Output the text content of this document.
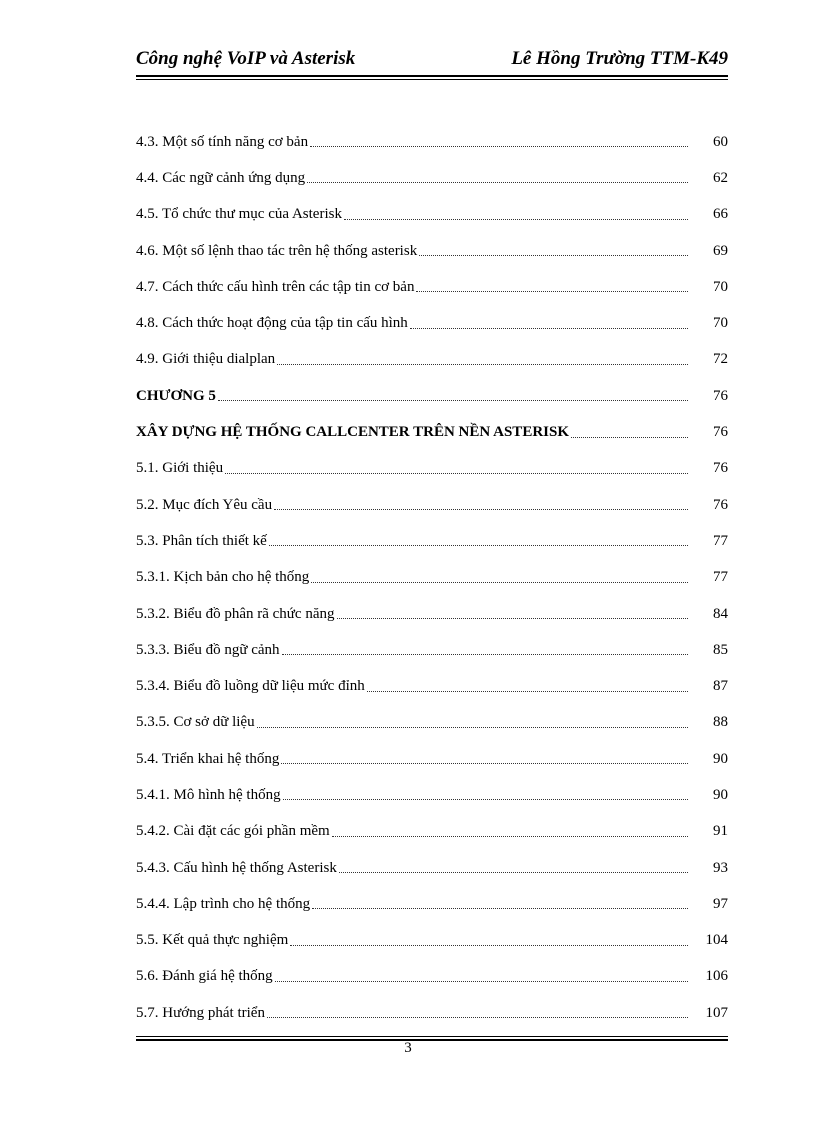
Công nghệ VoIP và Asterisk	Lê Hồng Trường TTM-K49
4.3. Một số tính năng cơ bản	60
4.4. Các ngữ cảnh ứng dụng	62
4.5. Tổ chức thư mục của Asterisk	66
4.6. Một số lệnh thao tác trên hệ thống asterisk	69
4.7. Cách thức cấu hình trên các tập tin cơ bản	70
4.8. Cách thức hoạt động của tập tin cấu hình	70
4.9. Giới thiệu dialplan	72
CHƯƠNG 5	76
XÂY DỰNG HỆ THỐNG CALLCENTER TRÊN NỀN ASTERISK	76
5.1. Giới thiệu	76
5.2. Mục đích Yêu cầu	76
5.3. Phân tích thiết kế	77
5.3.1. Kịch bản cho hệ thống	77
5.3.2. Biểu đồ phân rã chức năng	84
5.3.3. Biểu đồ ngữ cảnh	85
5.3.4. Biểu đồ luồng dữ liệu mức đỉnh	87
5.3.5. Cơ sở dữ liệu	88
5.4. Triển khai hệ thống	90
5.4.1. Mô hình hệ thống	90
5.4.2. Cài đặt các gói phần mềm	91
5.4.3. Cấu hình hệ thống Asterisk	93
5.4.4. Lập trình cho hệ thống	97
5.5. Kết quả thực nghiệm	104
5.6. Đánh giá hệ thống	106
5.7. Hướng phát triển	107
3
